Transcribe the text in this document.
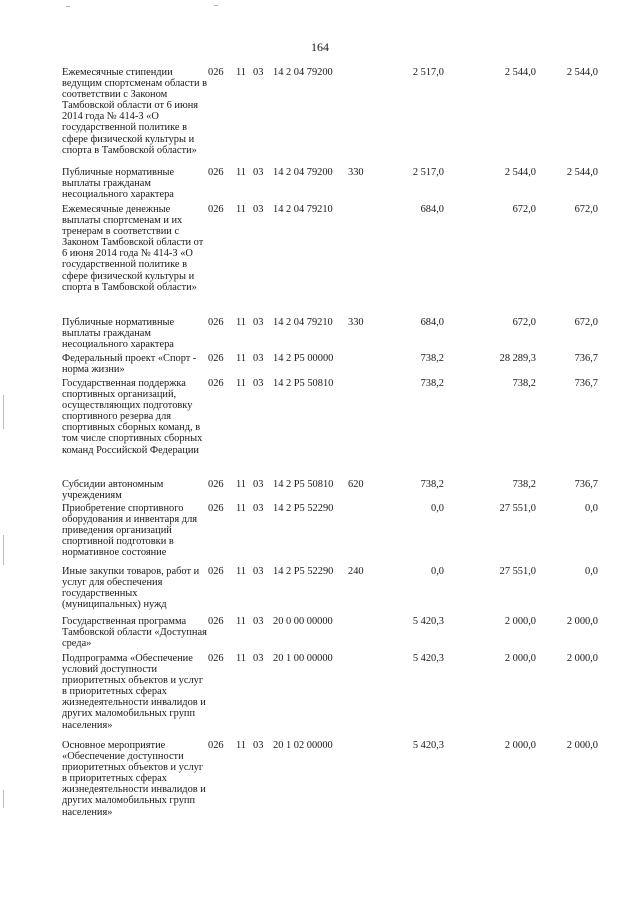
164
Ежемесячные стипендии ведущим спортсменам области в соответствии с Законом Тамбовской области от 6 июня 2014 года № 414-З «О государственной политике в сфере физической культуры и спорта в Тамбовской области»
026 11 03 14 2 04 79200	2 517,0	2 544,0	2 544,0
Публичные нормативные выплаты гражданам несоциального характера
026 11 03 14 2 04 79200 330	2 517,0	2 544,0	2 544,0
Ежемесячные денежные выплаты спортсменам и их тренерам в соответствии с Законом Тамбовской области от 6 июня 2014 года № 414-З «О государственной политике в сфере физической культуры и спорта в Тамбовской области»
026 11 03 14 2 04 79210	684,0	672,0	672,0
Публичные нормативные выплаты гражданам несоциального характера
026 11 03 14 2 04 79210 330	684,0	672,0	672,0
Федеральный проект «Спорт - норма жизни»
026 11 03 14 2 P5 00000	738,2	28 289,3	736,7
Государственная поддержка спортивных организаций, осуществляющих подготовку спортивного резерва для спортивных сборных команд, в том числе спортивных сборных команд Российской Федерации
026 11 03 14 2 P5 50810	738,2	738,2	736,7
Субсидии автономным учреждениям
026 11 03 14 2 P5 50810 620	738,2	738,2	736,7
Приобретение спортивного оборудования и инвентаря для приведения организаций спортивной подготовки в нормативное состояние
026 11 03 14 2 P5 52290	0,0	27 551,0	0,0
Иные закупки товаров, работ и услуг для обеспечения государственных (муниципальных) нужд
026 11 03 14 2 P5 52290 240	0,0	27 551,0	0,0
Государственная программа Тамбовской области «Доступная среда»
026 11 03 20 0 00 00000	5 420,3	2 000,0	2 000,0
Подпрограмма «Обеспечение условий доступности приоритетных объектов и услуг в приоритетных сферах жизнедеятельности инвалидов и других маломобильных групп населения»
026 11 03 20 1 00 00000	5 420,3	2 000,0	2 000,0
Основное мероприятие «Обеспечение доступности приоритетных объектов и услуг в приоритетных сферах жизнедеятельности инвалидов и других маломобильных групп населения»
026 11 03 20 1 02 00000	5 420,3	2 000,0	2 000,0
